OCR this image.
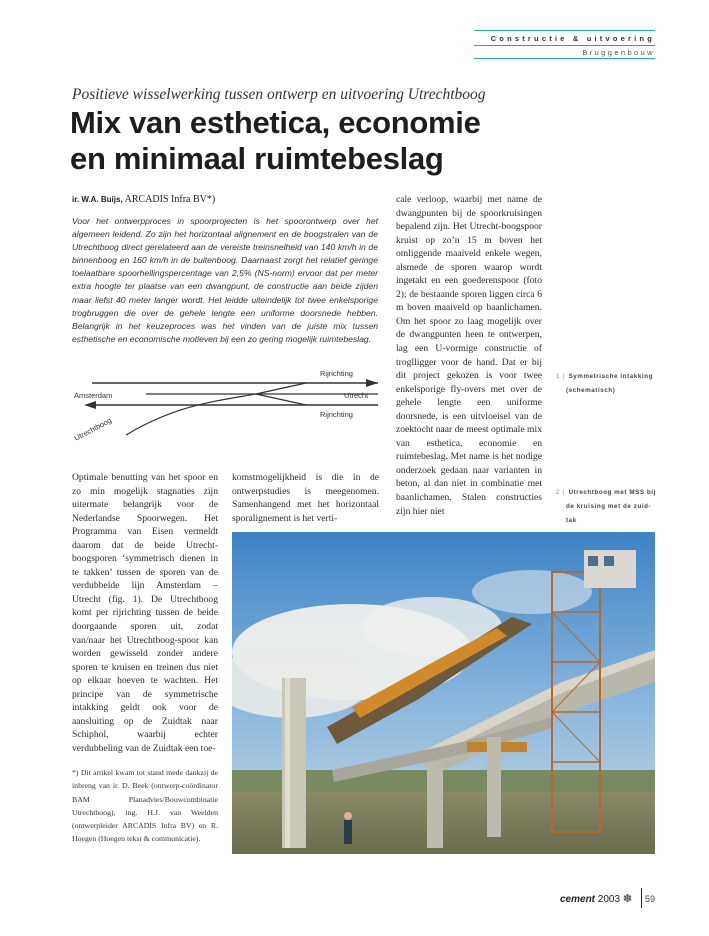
Constructie & uitvoering
Bruggenbouw
Positieve wisselwerking tussen ontwerp en uitvoering Utrechtboog
Mix van esthetica, economie
en minimaal ruimtebeslag
ir. W.A. Buijs, ARCADIS Infra BV*)
Voor het ontwerpproces in spoorprojecten is het spoorontwerp over het algemeen leidend. Zo zijn het horizontaal alignement en de boogstralen van de Utrechtboog direct gerelateerd aan de vereiste treinsnelheid van 140 km/h in de binnenboog en 160 km/h in de buitenboog. Daarnaast zorgt het relatief geringe toelaatbare spoorhellingspercentage van 2,5% (NS-norm) ervoor dat per meter extra hoogte ter plaatse van een dwangpunt, de constructie aan beide zijden maar liefst 40 meter langer wordt. Het leidde uiteindelijk tot twee enkelsporige trogbruggen die over de gehele lengte een uniforme doorsnede hebben. Belangrijk in het keuzeproces was het vinden van de juiste mix tussen esthetische en economische motieven bij een zo gering mogelijk ruimtebeslag.
Amsterdam	Utrecht
Rijrichting
Rijrichting
Utrechtboog
Optimale benutting van het spoor en zo min mogelijk stagnaties zijn uitermate belangrijk voor de Nederlandse Spoorwegen. Het Programma van Eisen vermeldt daarom dat de beide Utrecht-boogsporen ‘symmetrisch dienen in te takken’ tussen de sporen van de verdubbelde lijn Amsterdam – Utrecht (fig. 1). De Utrechtboog komt per rijrichting tussen de beide doorgaande sporen uit, zodat van/naar het Utrechtboog-spoor kan worden gewisseld zonder andere sporen te kruisen en treinen dus niet op elkaar hoeven te wachten. Het principe van de symmetrische intakking geldt ook voor de aansluiting op de Zuidtak naar Schiphol, waarbij echter verdubbeling van de Zuidtak een toe-
komstmogelijkheid is die in de ontwerpstudies is meegenomen. Samenhangend met het horizontaal sporalignement is het verti-
cale verloop, waarbij met name de dwangpunten bij de spoorkruisingen bepalend zijn. Het Utrecht-boogspoor kruist op zo’n 15 m boven het omliggende maaiveld enkele wegen, alsmede de sporen waarop wordt ingetakt en een goederenspoor (foto 2); de bestaande sporen liggen circa 6 m boven maaiveld op baanlichamen. Om het spoor zo laag mogelijk over de dwangpunten heen te ontwerpen, lag een U-vormige constructie of troglligger voor de hand. Dat er bij dit project gekozen is voor twee enkelsporige fly-overs met over de gehele lengte een uniforme doorsnede, is een uitvloeisel van de zoektocht naar de meest optimale mix van esthetica, economie en ruimtebeslag. Met name is het nodige onderzoek gedaan naar varianten in beton, al dan niet in combinatie met baanlichamen. Stalen constructies zijn hier niet
*) Dit artikel kwam tot stand mede dankzij de inbreng van ir. D. Beek (ontwerp-coördinator BAM Planadvies/Bouwcombinatie Utrechtboog), ing. H.J. van Weelden (ontwerpleider ARCADIS Infra BV) en R. Hoegen (Hoegen tekst & communicatie).
1 | Symmetrische intakking
(schematisch)
2 | Utrechtboog met MSS bij
de kruising met de zuid-
tak
cement 2003 ✽ 59
